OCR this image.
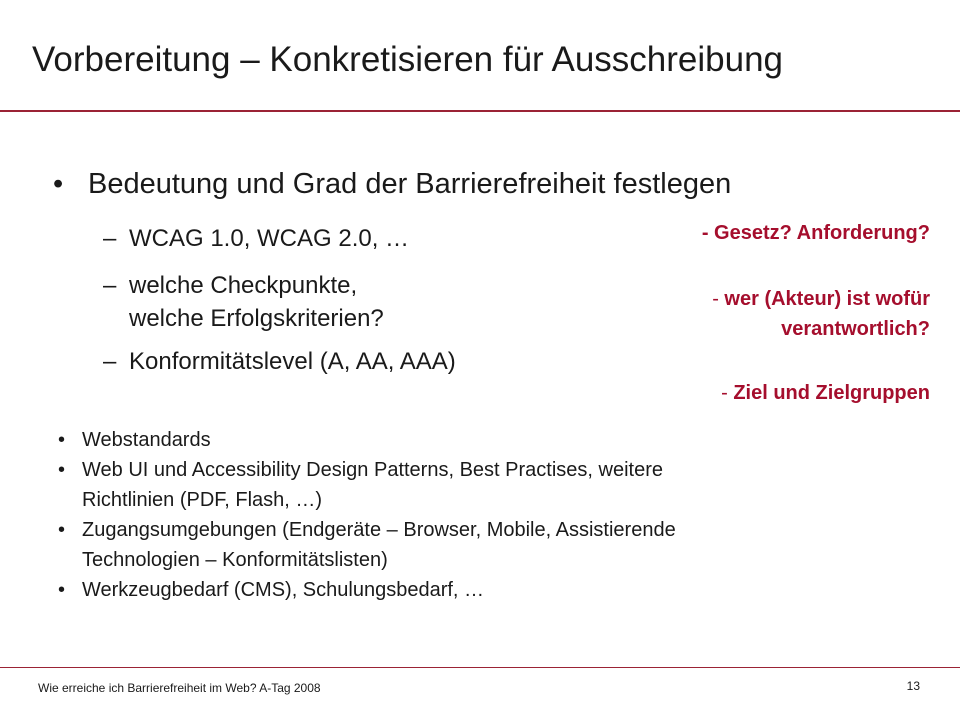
Vorbereitung – Konkretisieren für Ausschreibung
• Bedeutung und Grad der Barrierefreiheit festlegen
– WCAG 1.0, WCAG 2.0, …
– welche Checkpunkte,
welche Erfolgskriterien?
– Konformitätslevel (A, AA, AAA)
- Gesetz? Anforderung?
- wer (Akteur) ist wofür
verantwortlich?
- Ziel und Zielgruppen
• Webstandards
• Web UI und Accessibility Design Patterns, Best Practises, weitere
Richtlinien (PDF, Flash, …)
• Zugangsumgebungen (Endgeräte – Browser, Mobile, Assistierende
Technologien – Konformitätslisten)
• Werkzeugbedarf (CMS), Schulungsbedarf, …
Wie erreiche ich Barrierefreiheit im Web? A-Tag 2008	13
